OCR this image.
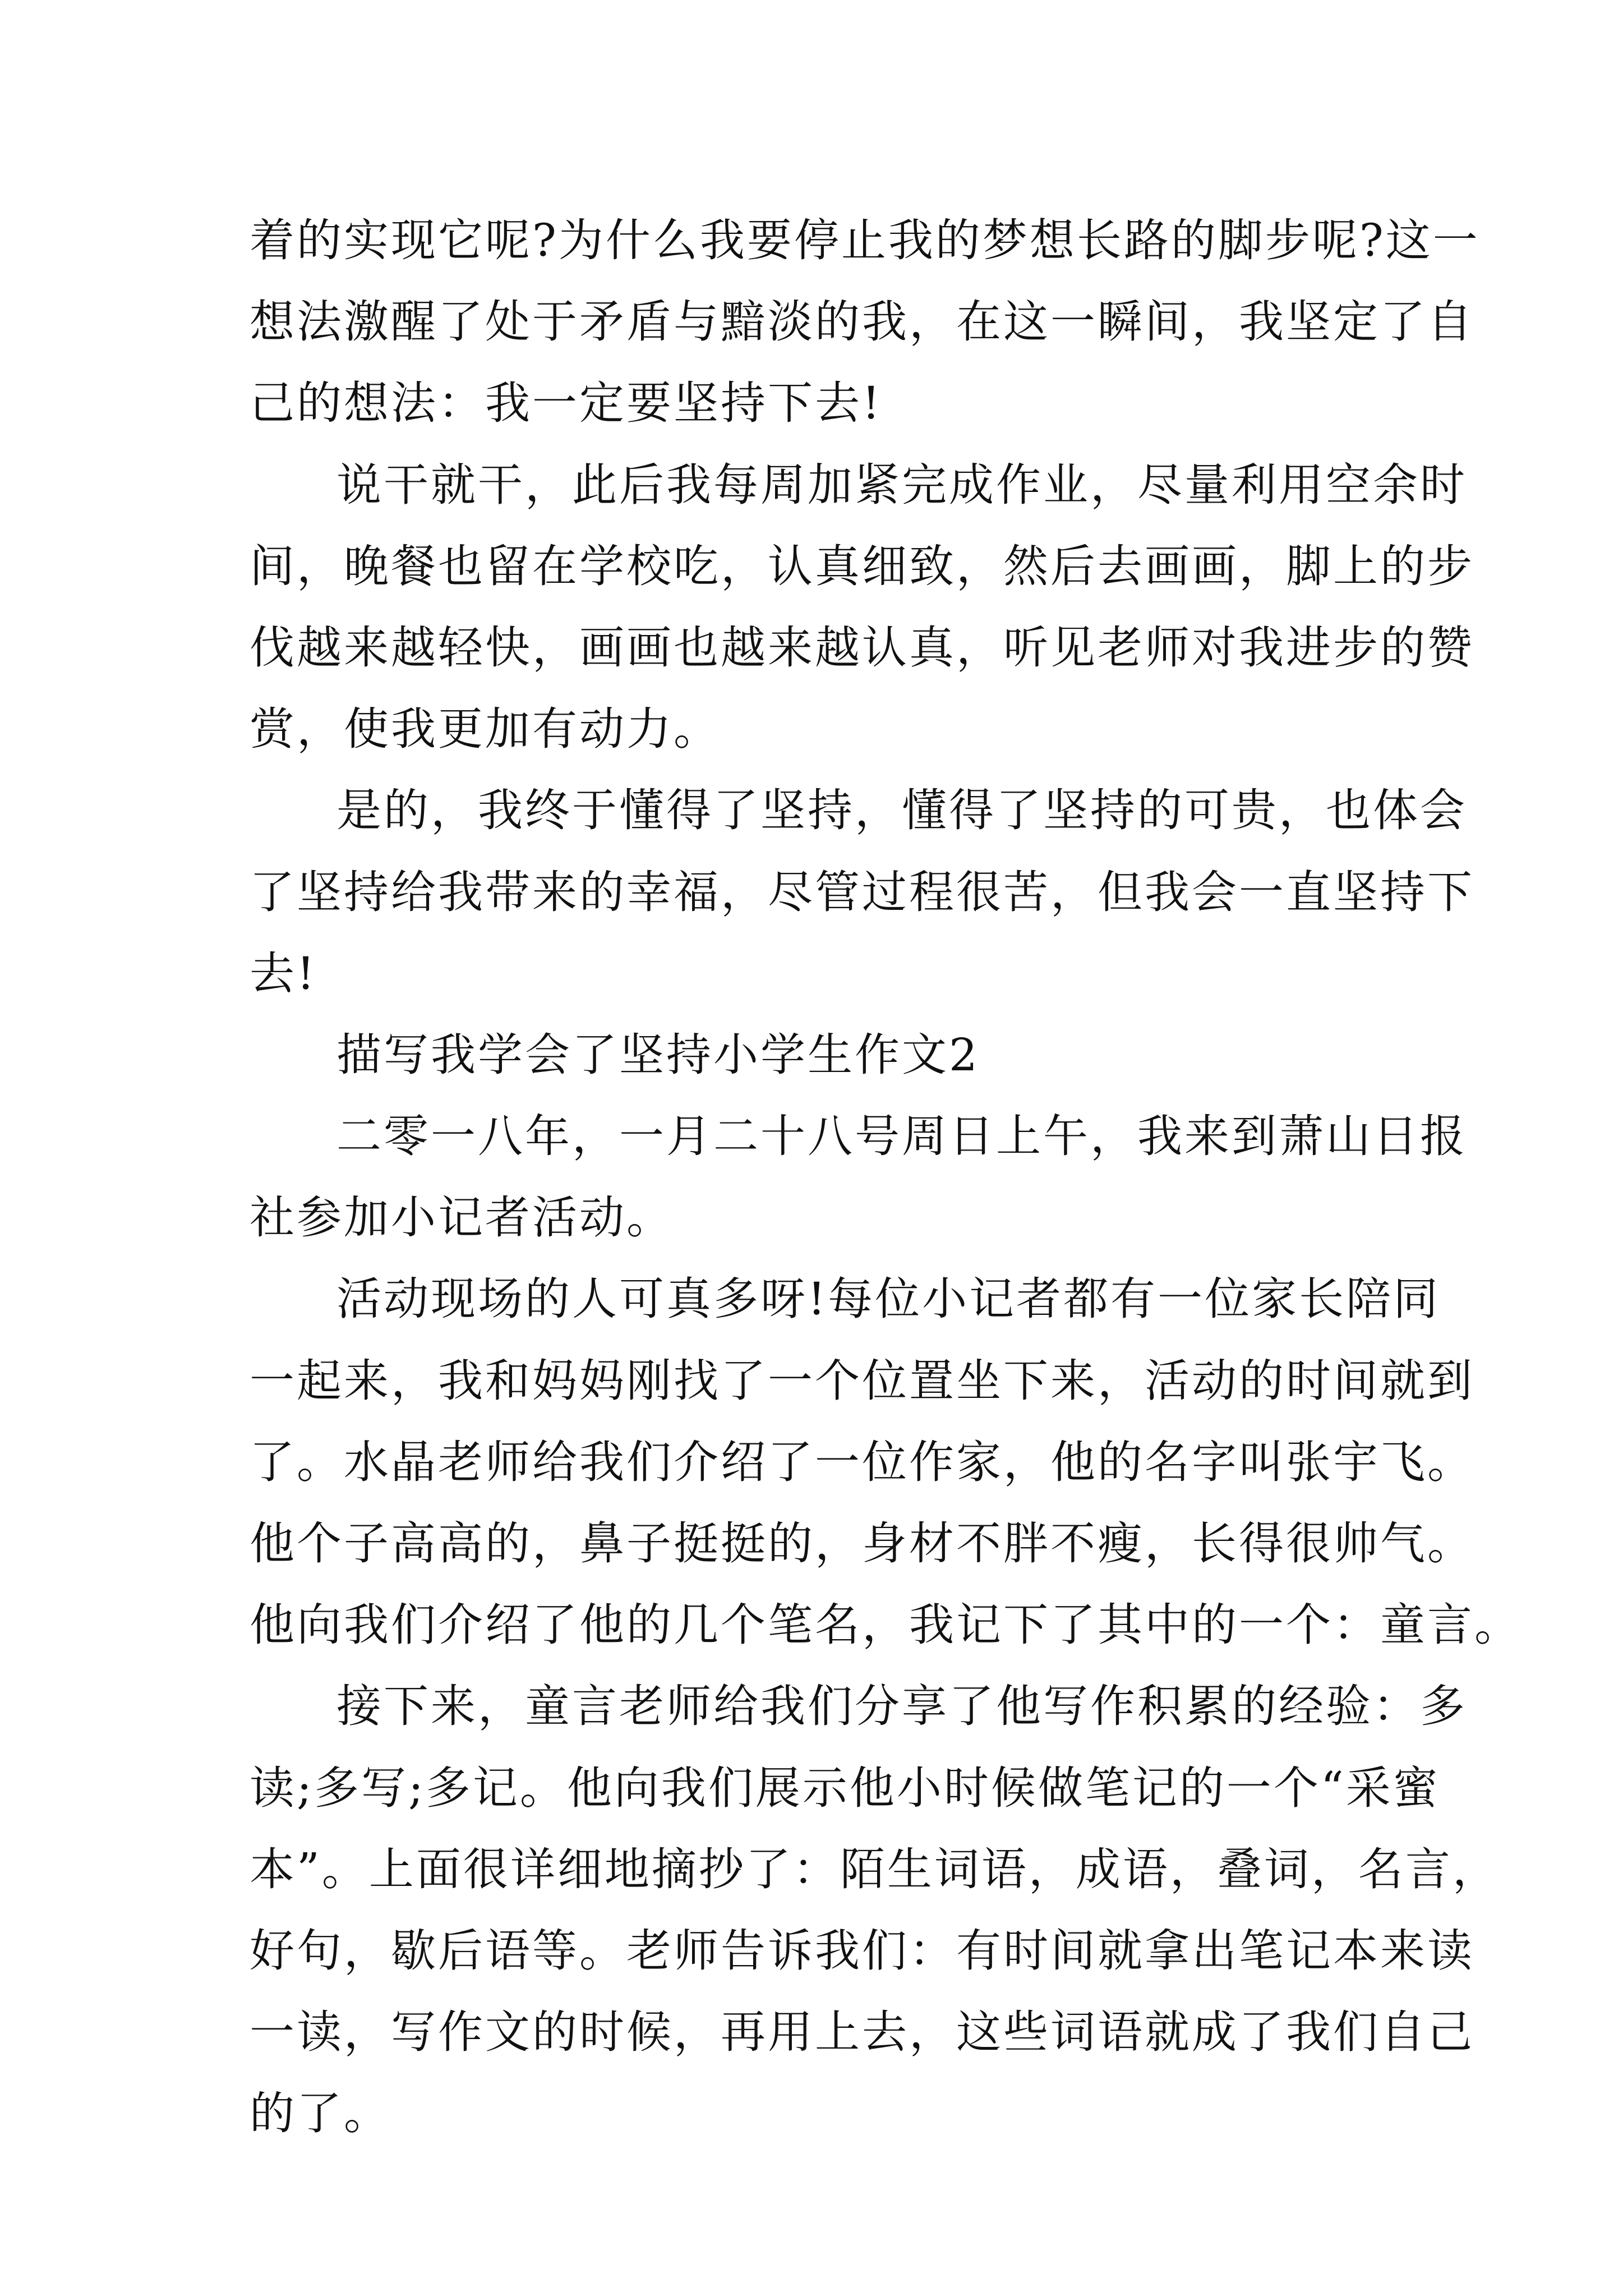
着的实现它呢?为什么我要停止我的梦想长路的脚步呢?这一
想法激醒了处于矛盾与黯淡的我，在这一瞬间，我坚定了自
己的想法：我一定要坚持下去!
说干就干，此后我每周加紧完成作业，尽量利用空余时
间，晚餐也留在学校吃，认真细致，然后去画画，脚上的步
伐越来越轻快，画画也越来越认真，听见老师对我进步的赞
赏，使我更加有动力。
是的，我终于懂得了坚持，懂得了坚持的可贵，也体会
了坚持给我带来的幸福，尽管过程很苦，但我会一直坚持下
去!
描写我学会了坚持小学生作文2
二零一八年，一月二十八号周日上午，我来到萧山日报
社参加小记者活动。
活动现场的人可真多呀!每位小记者都有一位家长陪同
一起来，我和妈妈刚找了一个位置坐下来，活动的时间就到
了。水晶老师给我们介绍了一位作家，他的名字叫张宇飞。
他个子高高的，鼻子挺挺的，身材不胖不瘦，长得很帅气。
他向我们介绍了他的几个笔名，我记下了其中的一个：童言。
接下来，童言老师给我们分享了他写作积累的经验：多
读;多写;多记。他向我们展示他小时候做笔记的一个“采蜜
本”。上面很详细地摘抄了：陌生词语，成语，叠词，名言，
好句，歇后语等。老师告诉我们：有时间就拿出笔记本来读
一读，写作文的时候，再用上去，这些词语就成了我们自己
的了。
